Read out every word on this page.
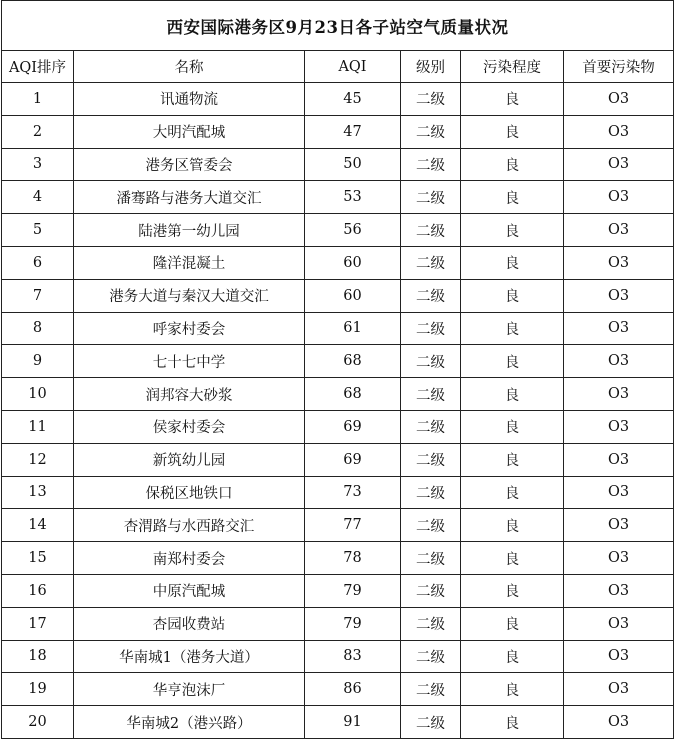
西安国际港务区9月23日各子站空气质量状况					
AQI排序	名称	AQI	级别	污染程度	首要污染物
1	讯通物流	45	二级	良	O3
2	大明汽配城	47	二级	良	O3
3	港务区管委会	50	二级	良	O3
4	潘骞路与港务大道交汇	53	二级	良	O3
5	陆港第一幼儿园	56	二级	良	O3
6	隆洋混凝土	60	二级	良	O3
7	港务大道与秦汉大道交汇	60	二级	良	O3
8	呼家村委会	61	二级	良	O3
9	七十七中学	68	二级	良	O3
10	润邦容大砂浆	68	二级	良	O3
11	侯家村委会	69	二级	良	O3
12	新筑幼儿园	69	二级	良	O3
13	保税区地铁口	73	二级	良	O3
14	杏渭路与水西路交汇	77	二级	良	O3
15	南郑村委会	78	二级	良	O3
16	中原汽配城	79	二级	良	O3
17	杏园收费站	79	二级	良	O3
18	华南城1（港务大道）	83	二级	良	O3
19	华亨泡沫厂	86	二级	良	O3
20	华南城2（港兴路）	91	二级	良	O3
